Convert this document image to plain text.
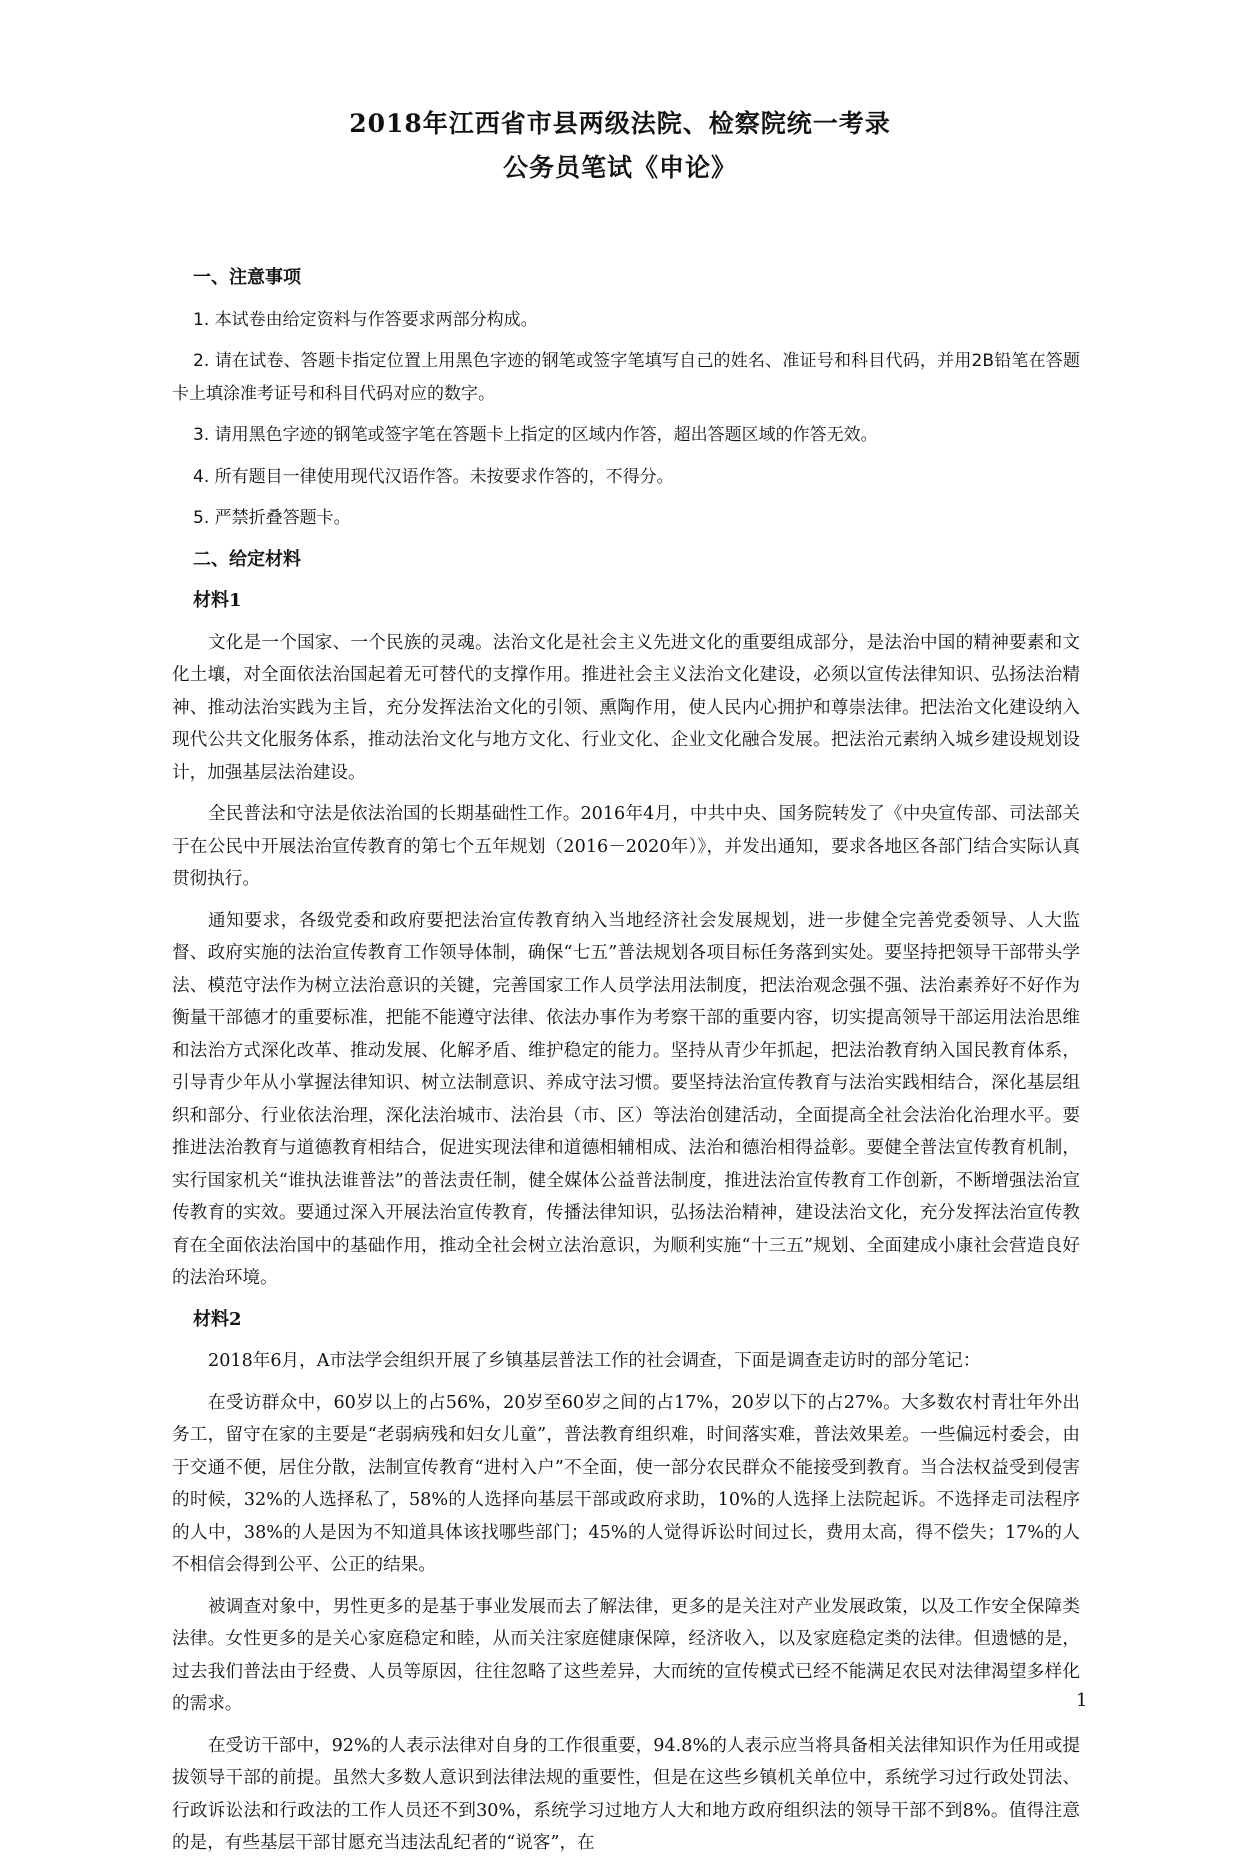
2018年江西省市县两级法院、检察院统一考录
公务员笔试《申论》

一、注意事项

1. 本试卷由给定资料与作答要求两部分构成。

2. 请在试卷、答题卡指定位置上用黑色字迹的钢笔或签字笔填写自己的姓名、准证号和科目代码，并用2B铅笔在答题卡上填涂准考证号和科目代码对应的数字。

3. 请用黑色字迹的钢笔或签字笔在答题卡上指定的区域内作答，超出答题区域的作答无效。

4. 所有题目一律使用现代汉语作答。未按要求作答的，不得分。

5. 严禁折叠答题卡。

二、给定材料

材料1

文化是一个国家、一个民族的灵魂。法治文化是社会主义先进文化的重要组成部分，是法治中国的精神要素和文化土壤，对全面依法治国起着无可替代的支撑作用。推进社会主义法治文化建设，必须以宣传法律知识、弘扬法治精神、推动法治实践为主旨，充分发挥法治文化的引领、熏陶作用，使人民内心拥护和尊崇法律。把法治文化建设纳入现代公共文化服务体系，推动法治文化与地方文化、行业文化、企业文化融合发展。把法治元素纳入城乡建设规划设计，加强基层法治建设。

全民普法和守法是依法治国的长期基础性工作。2016年4月，中共中央、国务院转发了《中央宣传部、司法部关于在公民中开展法治宣传教育的第七个五年规划（2016－2020年）》，并发出通知，要求各地区各部门结合实际认真贯彻执行。

通知要求，各级党委和政府要把法治宣传教育纳入当地经济社会发展规划，进一步健全完善党委领导、人大监督、政府实施的法治宣传教育工作领导体制，确保“七五”普法规划各项目标任务落到实处。要坚持把领导干部带头学法、模范守法作为树立法治意识的关键，完善国家工作人员学法用法制度，把法治观念强不强、法治素养好不好作为衡量干部德才的重要标准，把能不能遵守法律、依法办事作为考察干部的重要内容，切实提高领导干部运用法治思维和法治方式深化改革、推动发展、化解矛盾、维护稳定的能力。坚持从青少年抓起，把法治教育纳入国民教育体系，引导青少年从小掌握法律知识、树立法制意识、养成守法习惯。要坚持法治宣传教育与法治实践相结合，深化基层组织和部分、行业依法治理，深化法治城市、法治县（市、区）等法治创建活动，全面提高全社会法治化治理水平。要推进法治教育与道德教育相结合，促进实现法律和道德相辅相成、法治和德治相得益彰。要健全普法宣传教育机制，实行国家机关“谁执法谁普法”的普法责任制，健全媒体公益普法制度，推进法治宣传教育工作创新，不断增强法治宣传教育的实效。要通过深入开展法治宣传教育，传播法律知识，弘扬法治精神，建设法治文化，充分发挥法治宣传教育在全面依法治国中的基础作用，推动全社会树立法治意识，为顺利实施“十三五”规划、全面建成小康社会营造良好的法治环境。

材料2

2018年6月，A市法学会组织开展了乡镇基层普法工作的社会调查，下面是调查走访时的部分笔记：

在受访群众中，60岁以上的占56%，20岁至60岁之间的占17%，20岁以下的占27%。大多数农村青壮年外出务工，留守在家的主要是“老弱病残和妇女儿童”，普法教育组织难，时间落实难，普法效果差。一些偏远村委会，由于交通不便，居住分散，法制宣传教育“进村入户”不全面，使一部分农民群众不能接受到教育。当合法权益受到侵害的时候，32%的人选择私了，58%的人选择向基层干部或政府求助，10%的人选择上法院起诉。不选择走司法程序的人中，38%的人是因为不知道具体该找哪些部门；45%的人觉得诉讼时间过长，费用太高，得不偿失；17%的人不相信会得到公平、公正的结果。

被调查对象中，男性更多的是基于事业发展而去了解法律，更多的是关注对产业发展政策，以及工作安全保障类法律。女性更多的是关心家庭稳定和睦，从而关注家庭健康保障，经济收入，以及家庭稳定类的法律。但遗憾的是，过去我们普法由于经费、人员等原因，往往忽略了这些差异，大而统的宣传模式已经不能满足农民对法律渴望多样化的需求。

在受访干部中，92%的人表示法律对自身的工作很重要，94.8%的人表示应当将具备相关法律知识作为任用或提拔领导干部的前提。虽然大多数人意识到法律法规的重要性，但是在这些乡镇机关单位中，系统学习过行政处罚法、行政诉讼法和行政法的工作人员还不到30%，系统学习过地方人大和地方政府组织法的领导干部不到8%。值得注意的是，有些基层干部甘愿充当违法乱纪者的“说客”，在

1
